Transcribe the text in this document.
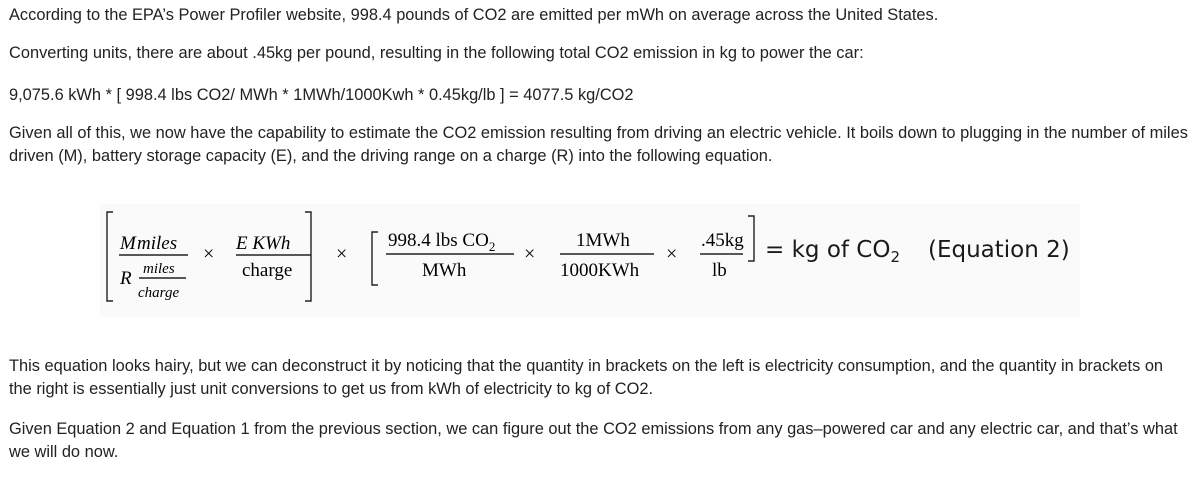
According to the EPA’s Power Profiler website, 998.4 pounds of CO2 are emitted per mWh on average across the United States.

Converting units, there are about .45kg per pound, resulting in the following total CO2 emission in kg to power the car:

9,075.6 kWh * [ 998.4 lbs CO2/ MWh * 1MWh/1000Kwh * 0.45kg/lb ] = 4077.5 kg/CO2

Given all of this, we now have the capability to estimate the CO2 emission resulting from driving an electric vehicle. It boils down to plugging in the number of miles driven (M), battery storage capacity (E), and the driving range on a charge (R) into the following equation.

M miles
R miles
charge
× E KWh
charge
×
998.4 lbs $CO_2$
MWh
×
1MWh
1000KWh
×
.45kg
lb
= kg of $CO_2$ (Equation 2)

This equation looks hairy, but we can deconstruct it by noticing that the quantity in brackets on the left is electricity consumption, and the quantity in brackets on the right is essentially just unit conversions to get us from kWh of electricity to kg of CO2.

Given Equation 2 and Equation 1 from the previous section, we can figure out the CO2 emissions from any gas–powered car and any electric car, and that’s what we will do now.
